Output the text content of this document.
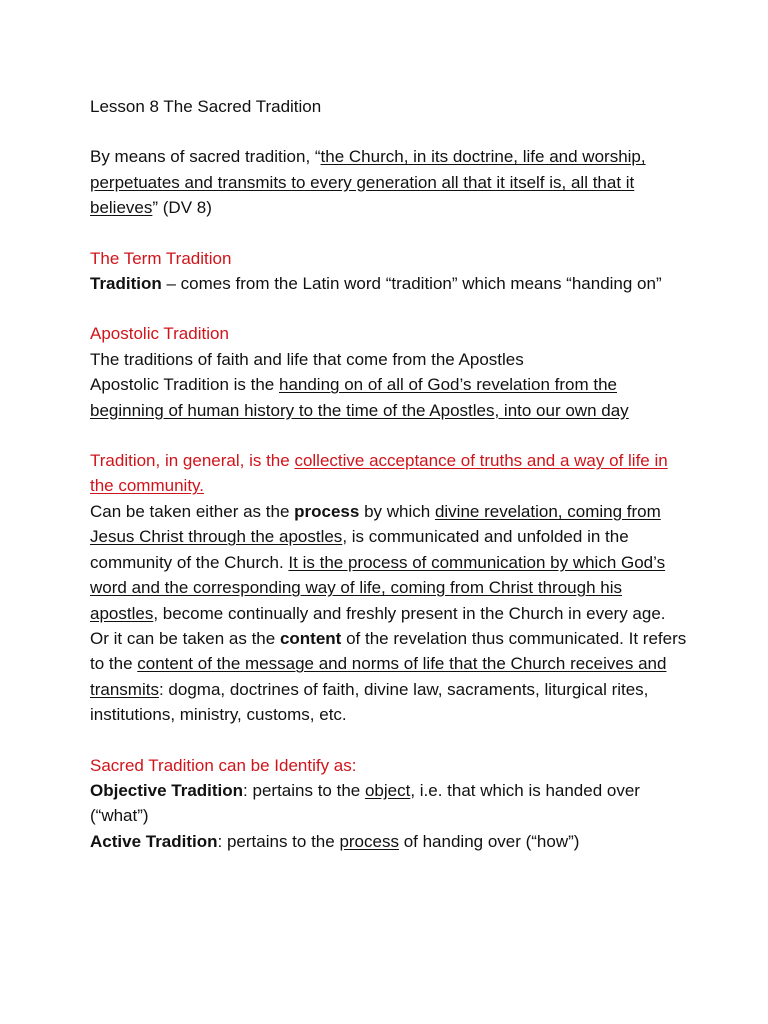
Lesson 8 The Sacred Tradition

By means of sacred tradition, “the Church, in its doctrine, life and worship, perpetuates and transmits to every generation all that it itself is, all that it believes” (DV 8)

The Term Tradition

Tradition – comes from the Latin word “tradition” which means “handing on”

Apostolic Tradition

The traditions of faith and life that come from the Apostles

Apostolic Tradition is the handing on of all of God’s revelation from the beginning of human history to the time of the Apostles, into our own day

Tradition, in general, is the collective acceptance of truths and a way of life in the community.

Can be taken either as the process by which divine revelation, coming from Jesus Christ through the apostles, is communicated and unfolded in the community of the Church. It is the process of communication by which God’s word and the corresponding way of life, coming from Christ through his apostles, become continually and freshly present in the Church in every age.

Or it can be taken as the content of the revelation thus communicated. It refers to the content of the message and norms of life that the Church receives and transmits: dogma, doctrines of faith, divine law, sacraments, liturgical rites, institutions, ministry, customs, etc.

Sacred Tradition can be Identify as:

Objective Tradition: pertains to the object, i.e. that which is handed over (“what”)

Active Tradition: pertains to the process of handing over (“how”)
